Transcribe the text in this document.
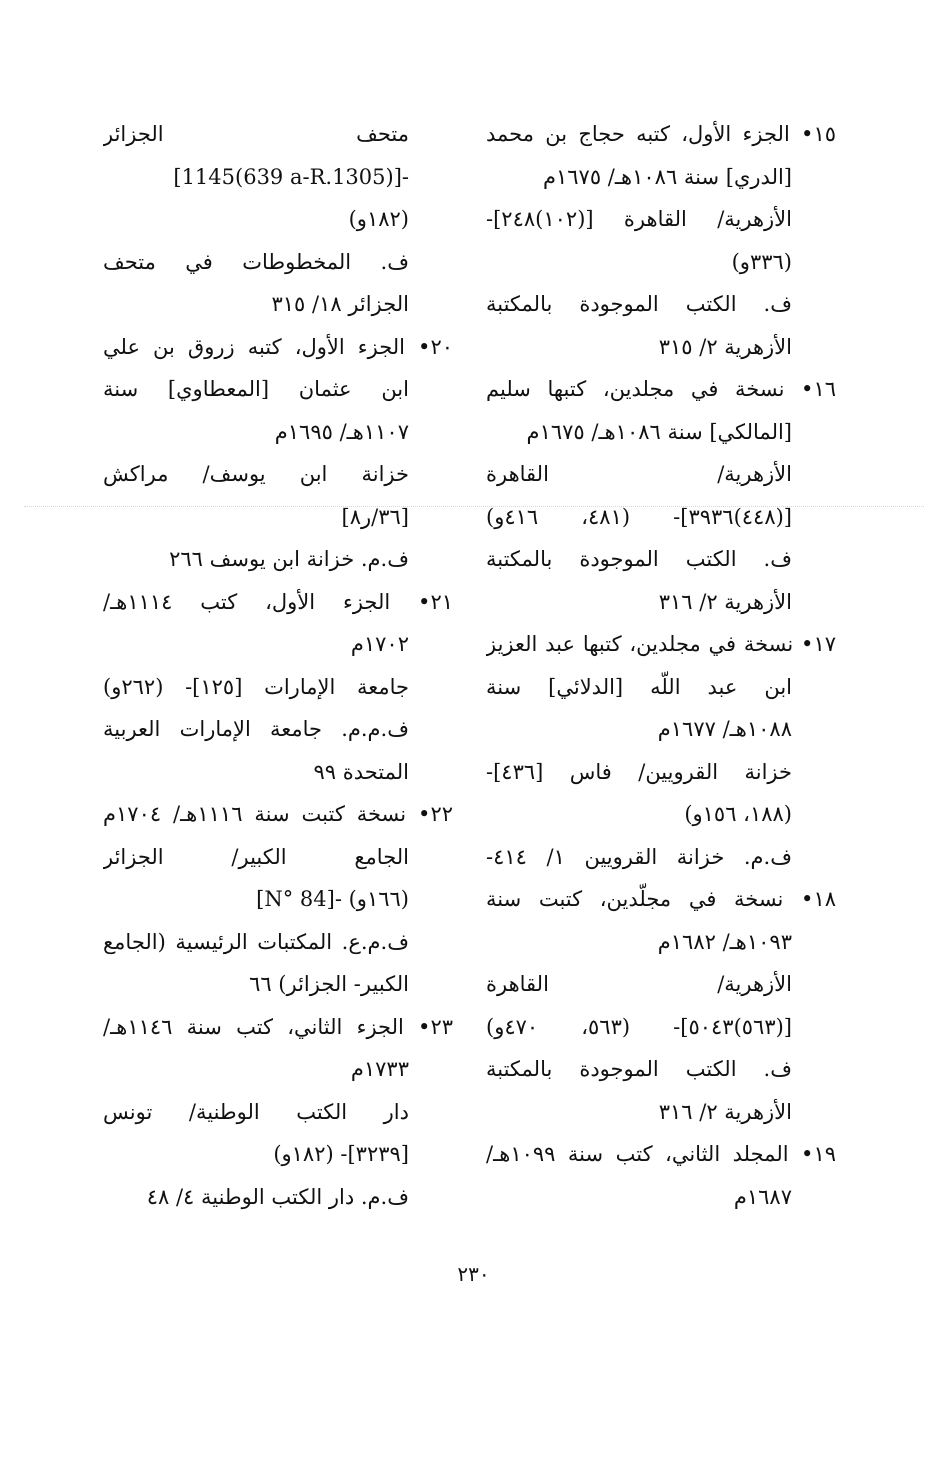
١٥• الجزء الأول، كتبه حجاج بن محمد
[الدري] سنة ١٠٨٦هـ/ ١٦٧٥م
الأزهرية/ القاهرة [(١٠٢)٢٤٨]-
(٣٣٦و)
ف. الكتب الموجودة بالمكتبة
الأزهرية ٢/ ٣١٥
١٦• نسخة في مجلدين، كتبها سليم
[المالكي] سنة ١٠٨٦هـ/ ١٦٧٥م
الأزهرية/ القاهرة
[(٤٤٨)٣٩٣٦]- (٤٨١، ٤١٦و)
ف. الكتب الموجودة بالمكتبة
الأزهرية ٢/ ٣١٦
١٧• نسخة في مجلدين، كتبها عبد العزيز
ابن عبد اللّه [الدلائي] سنة
١٠٨٨هـ/ ١٦٧٧م
خزانة القرويين/ فاس [٤٣٦]-
(١٨٨، ١٥٦و)
ف.م. خزانة القرويين ١/ ٤١٤-
١٨• نسخة في مجلّدين، كتبت سنة
١٠٩٣هـ/ ١٦٨٢م
الأزهرية/ القاهرة
[(٥٦٣)٥٠٤٣]- (٥٦٣، ٤٧٠و)
ف. الكتب الموجودة بالمكتبة
الأزهرية ٢/ ٣١٦
١٩• المجلد الثاني، كتب سنة ١٠٩٩هـ/
١٦٨٧م
متحف الجزائر
[1145(639 a-R.1305)]-
(١٨٢و)
ف. المخطوطات في متحف
الجزائر ١٨/ ٣١٥
٢٠• الجزء الأول، كتبه زروق بن علي
ابن عثمان [المعطاوي] سنة
١١٠٧هـ/ ١٦٩٥م
خزانة ابن يوسف/ مراكش
[٣٦/ر٨]
ف.م. خزانة ابن يوسف ٢٦٦
٢١• الجزء الأول، كتب ١١١٤هـ/
١٧٠٢م
جامعة الإمارات [١٢٥]- (٢٦٢و)
ف.م.م. جامعة الإمارات العربية
المتحدة ٩٩
٢٢• نسخة كتبت سنة ١١١٦هـ/ ١٧٠٤م
الجامع الكبير/ الجزائر
[N° 84]- (١٦٦و)
ف.م.ع. المكتبات الرئيسية (الجامع
الكبير- الجزائر) ٦٦
٢٣• الجزء الثاني، كتب سنة ١١٤٦هـ/
١٧٣٣م
دار الكتب الوطنية/ تونس
[٣٢٣٩]- (١٨٢و)
ف.م. دار الكتب الوطنية ٤/ ٤٨
٢٣٠
